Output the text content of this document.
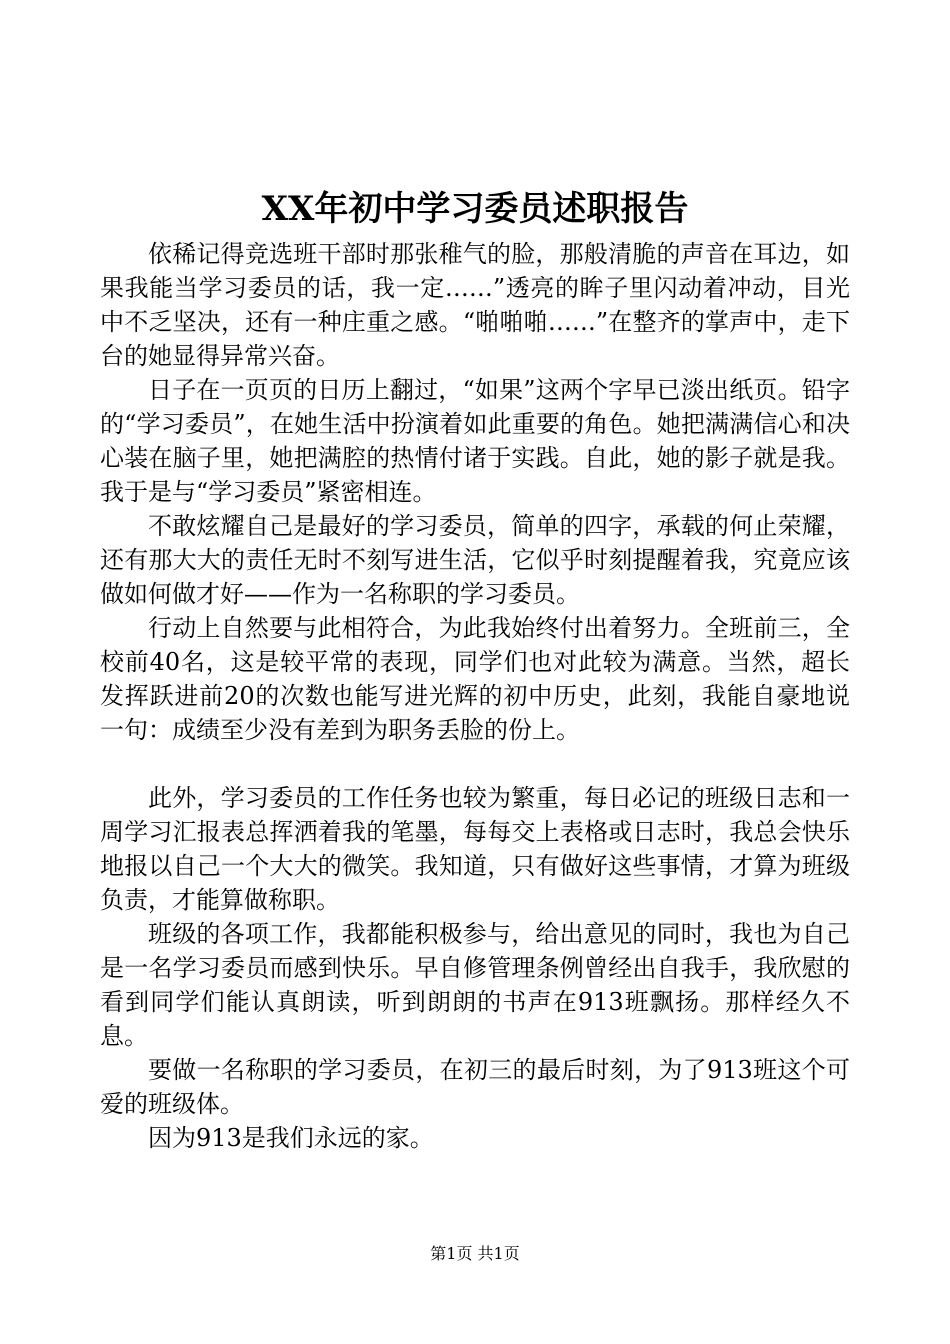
XX年初中学习委员述职报告

依稀记得竞选班干部时那张稚气的脸，那般清脆的声音在耳边，如果我能当学习委员的话，我一定……”透亮的眸子里闪动着冲动，目光中不乏坚决，还有一种庄重之感。“啪啪啪……”在整齐的掌声中，走下台的她显得异常兴奋。

日子在一页页的日历上翻过，“如果”这两个字早已淡出纸页。铅字的“学习委员”，在她生活中扮演着如此重要的角色。她把满满信心和决心装在脑子里，她把满腔的热情付诸于实践。自此，她的影子就是我。我于是与“学习委员”紧密相连。

不敢炫耀自己是最好的学习委员，简单的四字，承载的何止荣耀，还有那大大的责任无时不刻写进生活，它似乎时刻提醒着我，究竟应该做如何做才好——作为一名称职的学习委员。

行动上自然要与此相符合，为此我始终付出着努力。全班前三，全校前40名，这是较平常的表现，同学们也对此较为满意。当然，超长发挥跃进前20的次数也能写进光辉的初中历史，此刻，我能自豪地说一句：成绩至少没有差到为职务丢脸的份上。

此外，学习委员的工作任务也较为繁重，每日必记的班级日志和一周学习汇报表总挥洒着我的笔墨，每每交上表格或日志时，我总会快乐地报以自己一个大大的微笑。我知道，只有做好这些事情，才算为班级负责，才能算做称职。

班级的各项工作，我都能积极参与，给出意见的同时，我也为自己是一名学习委员而感到快乐。早自修管理条例曾经出自我手，我欣慰的看到同学们能认真朗读，听到朗朗的书声在913班飘扬。那样经久不息。

要做一名称职的学习委员，在初三的最后时刻，为了913班这个可爱的班级体。

因为913是我们永远的家。

第1页 共1页
